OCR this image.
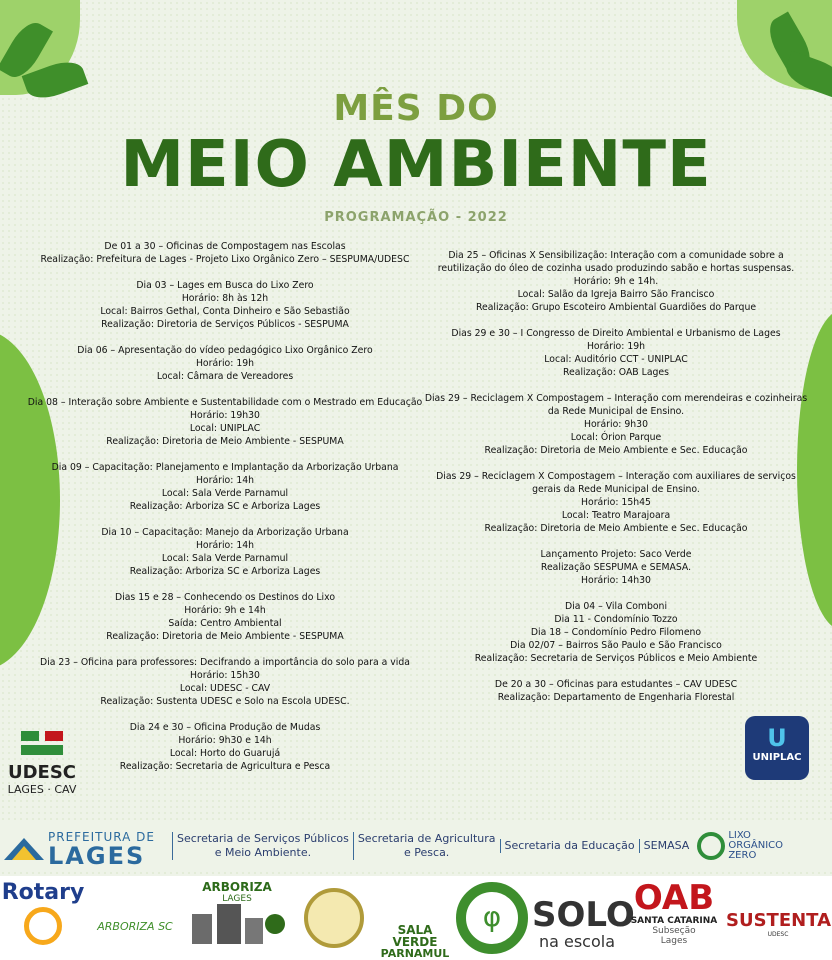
MÊS DO
MEIO AMBIENTE
PROGRAMAÇÃO - 2022
De 01 a 30 – Oficinas de Compostagem nas Escolas
Realização: Prefeitura de Lages - Projeto Lixo Orgânico Zero – SESPUMA/UDESC
Dia 03 – Lages em Busca do Lixo Zero
Horário: 8h às 12h
Local: Bairros Gethal, Conta Dinheiro e São Sebastião
Realização: Diretoria de Serviços Públicos - SESPUMA
Dia 06 – Apresentação do vídeo pedagógico Lixo Orgânico Zero
Horário: 19h
Local: Câmara de Vereadores
Dia 08 – Interação sobre Ambiente e Sustentabilidade com o Mestrado em Educação
Horário: 19h30
Local: UNIPLAC
Realização: Diretoria de Meio Ambiente - SESPUMA
Dia 09 – Capacitação: Planejamento e Implantação da Arborização Urbana
Horário: 14h
Local: Sala Verde Parnamul
Realização: Arboriza SC e Arboriza Lages
Dia 10 – Capacitação: Manejo da Arborização Urbana
Horário: 14h
Local: Sala Verde Parnamul
Realização: Arboriza SC e Arboriza Lages
Dias 15 e 28 – Conhecendo os Destinos do Lixo
Horário: 9h e 14h
Saída: Centro Ambiental
Realização: Diretoria de Meio Ambiente - SESPUMA
Dia 23 – Oficina para professores: Decifrando a importância do solo para a vida
Horário: 15h30
Local: UDESC - CAV
Realização: Sustenta UDESC e Solo na Escola UDESC.
Dia 24 e 30 – Oficina Produção de Mudas
Horário: 9h30 e 14h
Local: Horto do Guarujá
Realização: Secretaria de Agricultura e Pesca
Dia 25 – Oficinas X Sensibilização: Interação com a comunidade sobre a reutilização do óleo de cozinha usado produzindo sabão e hortas suspensas.
Horário: 9h e 14h.
Local: Salão da Igreja Bairro São Francisco
Realização: Grupo Escoteiro Ambiental Guardiões do Parque
Dias 29 e 30 – I Congresso de Direito Ambiental e Urbanismo de Lages
Horário: 19h
Local: Auditório CCT - UNIPLAC
Realização: OAB Lages
Dias 29 – Reciclagem X Compostagem – Interação com merendeiras e cozinheiras da Rede Municipal de Ensino.
Horário: 9h30
Local: Órion Parque
Realização: Diretoria de Meio Ambiente e Sec. Educação
Dias 29 – Reciclagem X Compostagem – Interação com auxiliares de serviços gerais da Rede Municipal de Ensino.
Horário: 15h45
Local: Teatro Marajoara
Realização: Diretoria de Meio Ambiente e Sec. Educação
Lançamento Projeto: Saco Verde
Realização SESPUMA e SEMASA.
Horário: 14h30
Dia 04 – Vila Comboni
Dia 11 - Condomínio Tozzo
Dia 18 – Condomínio Pedro Filomeno
Dia 02/07 – Bairros São Paulo e São Francisco
Realização: Secretaria de Serviços Públicos e Meio Ambiente
De 20 a 30 – Oficinas para estudantes – CAV UDESC
Realização: Departamento de Engenharia Florestal
UDESC
LAGES · CAV
U
UNIPLAC
PREFEITURA DE
LAGES
Secretaria de Serviços Públicos
e Meio Ambiente.
Secretaria de Agricultura
e Pesca.
Secretaria da Educação SEMASA
LIXO
ORGÂNICO
ZERO
Rotary
ARBORIZA SC
ARBORIZA
LAGES
SALA VERDE
PARNAMUL
φ
SOLO
na escola
OAB
SANTA CATARINA
Subseção
Lages
SUSTENTA
UDESC
